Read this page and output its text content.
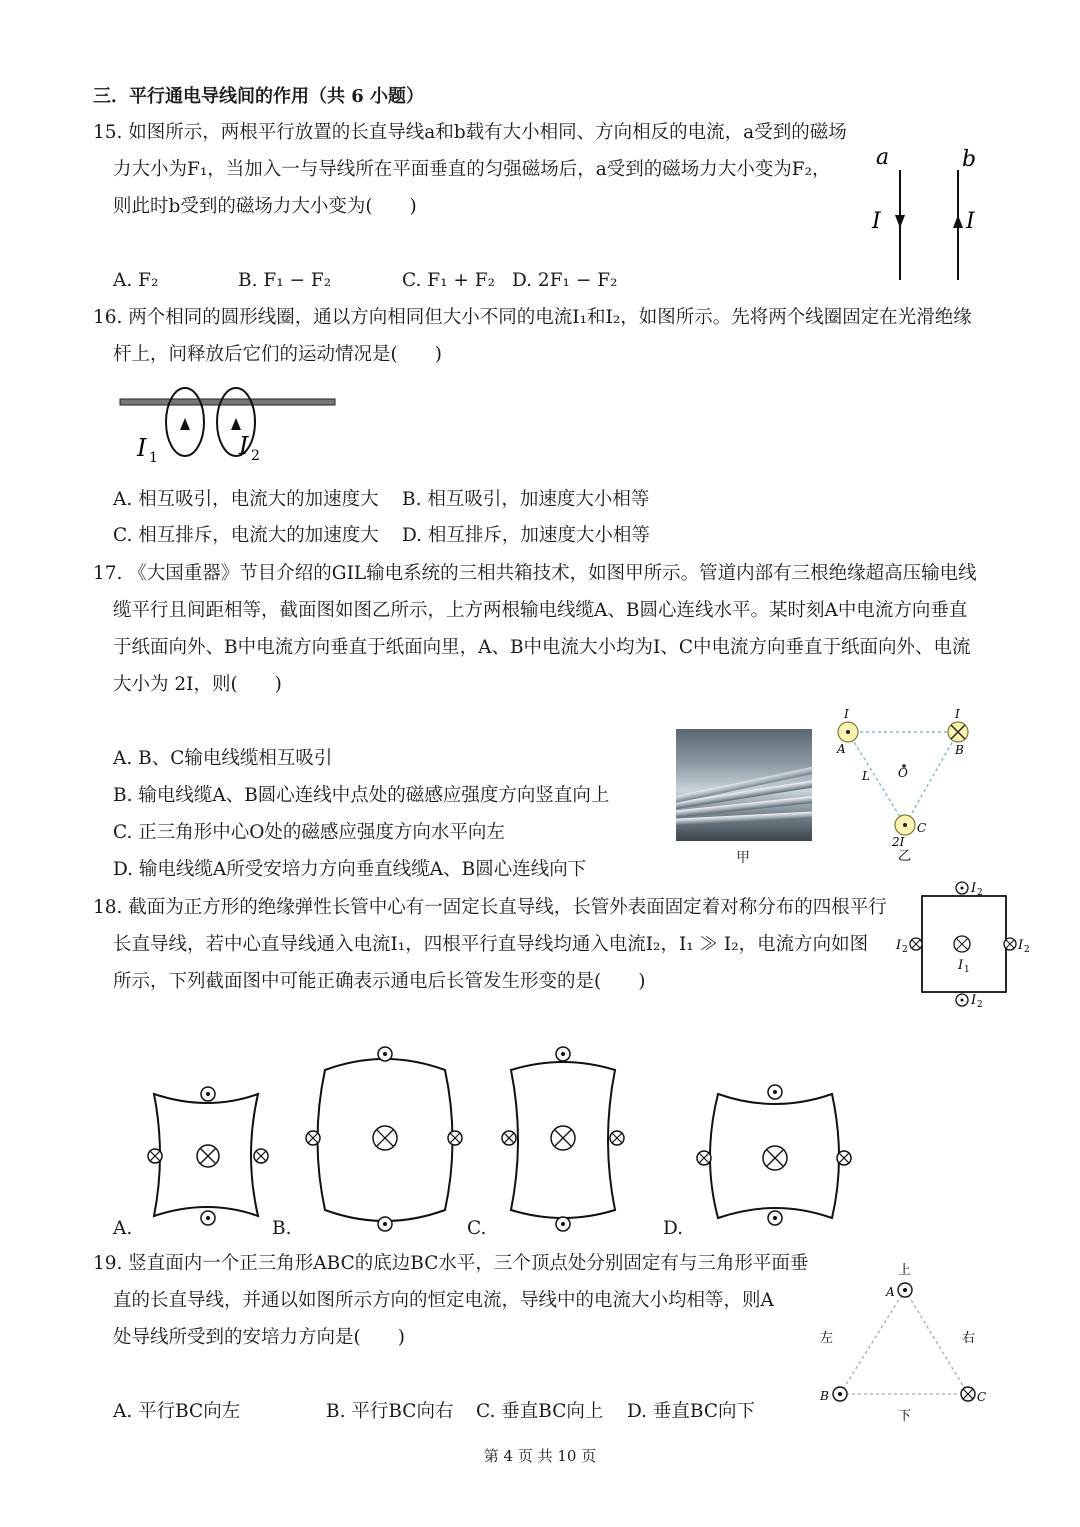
三．平行通电导线间的作用（共 6 小题）
15. 如图所示，两根平行放置的长直导线a和b载有大小相同、方向相反的电流，a受到的磁场
力大小为F₁，当加入一与导线所在平面垂直的匀强磁场后，a受到的磁场力大小变为F₂，
则此时b受到的磁场力大小变为(　　)
A. F₂	B. F₁ − F₂	C. F₁ + F₂ D. 2F₁ − F₂
a	b
I	I
16. 两个相同的圆形线圈，通以方向相同但大小不同的电流I₁和I₂，如图所示。先将两个线圈固定在光滑绝缘
杆上，问释放后它们的运动情况是(　　)
I 1	I 2
A. 相互吸引，电流大的加速度大 B. 相互吸引，加速度大小相等
C. 相互排斥，电流大的加速度大 D. 相互排斥，加速度大小相等
17. 《大国重器》节目介绍的GIL输电系统的三相共箱技术，如图甲所示。管道内部有三根绝缘超高压输电线
缆平行且间距相等，截面图如图乙所示，上方两根输电线缆A、B圆心连线水平。某时刻A中电流方向垂直
于纸面向外、B中电流方向垂直于纸面向里，A、B中电流大小均为I、C中电流方向垂直于纸面向外、电流
大小为 2I，则(　　)
A. B、C输电线缆相互吸引
B. 输电线缆A、B圆心连线中点处的磁感应强度方向竖直向上
C. 正三角形中心O处的磁感应强度方向水平向左
D. 输电线缆A所受安培力方向垂直线缆A、B圆心连线向下
甲
I	I
A	B
C
O
L
2I
乙
18. 截面为正方形的绝缘弹性长管中心有一固定长直导线，长管外表面固定着对称分布的四根平行
长直导线，若中心直导线通入电流I₁，四根平行直导线均通入电流I₂，I₁ ≫ I₂，电流方向如图
所示，下列截面图中可能正确表示通电后长管发生形变的是(　　)
I 2
I 2
I 2	I 2
I 1
A.	B.	C.	D.
19. 竖直面内一个正三角形ABC的底边BC水平，三个顶点处分别固定有与三角形平面垂
直的长直导线，并通以如图所示方向的恒定电流，导线中的电流大小均相等，则A
处导线所受到的安培力方向是(　　)
A. 平行BC向左	B. 平行BC向右 C. 垂直BC向上 D. 垂直BC向下
上
下
左	右
A
B	C
第 4 页 共 10 页
